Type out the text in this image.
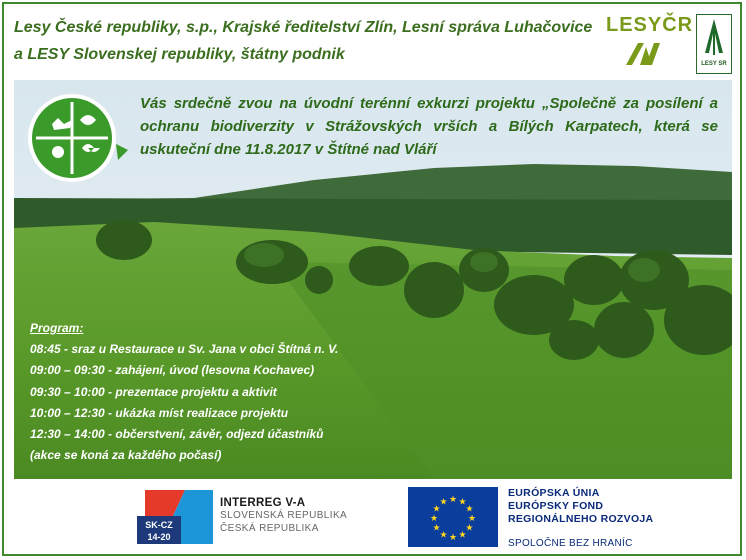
Lesy České republiky, s.p., Krajské ředitelství Zlín, Lesní správa Luhačovice
a LESY Slovenskej republiky, štátny podnik
LESYČR
LESY SR
Vás srdečně zvou na úvodní terénní exkurzi projektu „Společně za posílení a ochranu biodiverzity v Strážovských vrších a Bílých Karpatech, která se uskuteční dne 11.8.2017 v Štítné nad Vláří
Program:
08:45 - sraz u Restaurace u Sv. Jana v obci Štítná n. V.
09:00 – 09:30 - zahájení, úvod (lesovna Kochavec)
09:30 – 10:00 - prezentace projektu a aktivit
10:00 – 12:30 - ukázka míst realizace projektu
12:30 – 14:00 - občerstvení, závěr, odjezd účastníků
(akce se koná za každého počasí)
SK-CZ
14-20
INTERREG V-A
SLOVENSKÁ REPUBLIKA
ČESKÁ REPUBLIKA
★ ★
★
★
★
★
★
★
★
★
★
★
EURÓPSKA ÚNIA
EURÓPSKY FOND
REGIONÁLNEHO ROZVOJA
SPOLOČNE BEZ HRANÍC
